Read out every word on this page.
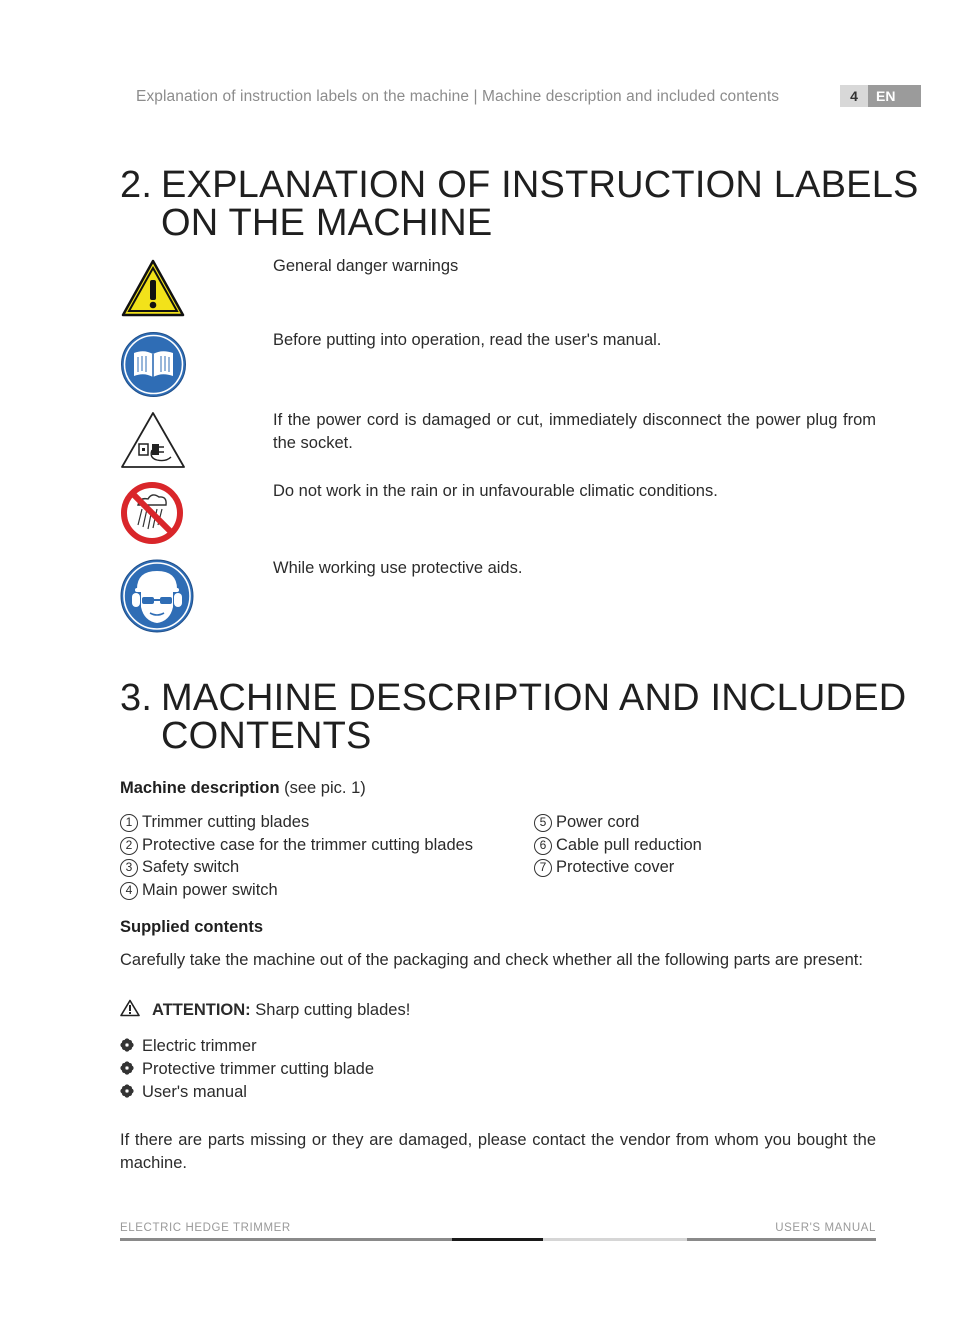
Explanation of instruction labels on the machine | Machine description and included contents	4	EN
2. EXPLANATION OF INSTRUCTION LABELS
ON THE MACHINE
General danger warnings
Before putting into operation, read the user's manual.
If the power cord is damaged or cut, immediately disconnect the power plug from the socket.
Do not work in the rain or in unfavourable climatic conditions.
While working use protective aids.
3. MACHINE DESCRIPTION AND INCLUDED
CONTENTS
Machine description (see pic. 1)
1 Trimmer cutting blades
2 Protective case for the trimmer cutting blades
3 Safety switch
4 Main power switch
5 Power cord
6 Cable pull reduction
7 Protective cover
Supplied contents
Carefully take the machine out of the packaging and check whether all the following parts are present:
ATTENTION: Sharp cutting blades!
Electric trimmer
Protective trimmer cutting blade
User's manual
If there are parts missing or they are damaged, please contact the vendor from whom you bought the machine.
ELECTRIC HEDGE TRIMMER	USER'S MANUAL
